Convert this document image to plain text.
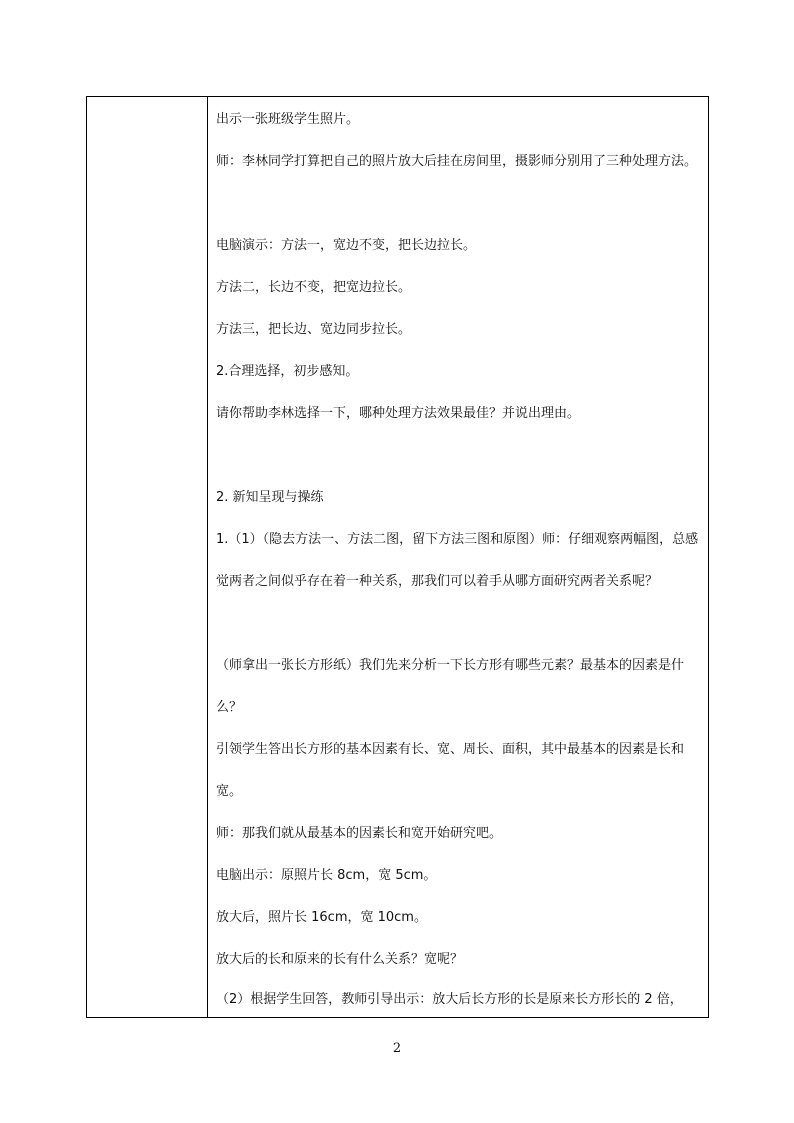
出示一张班级学生照片。

师：李林同学打算把自己的照片放大后挂在房间里，摄影师分别用了三种处理方法。

电脑演示：方法一，宽边不变，把长边拉长。

方法二，长边不变，把宽边拉长。

方法三，把长边、宽边同步拉长。

2.合理选择，初步感知。

请你帮助李林选择一下，哪种处理方法效果最佳？并说出理由。

2. 新知呈现与操练

1.（1）（隐去方法一、方法二图，留下方法三图和原图）师：仔细观察两幅图，总感觉两者之间似乎存在着一种关系，那我们可以着手从哪方面研究两者关系呢？

（师拿出一张长方形纸）我们先来分析一下长方形有哪些元素？最基本的因素是什么？

引领学生答出长方形的基本因素有长、宽、周长、面积，其中最基本的因素是长和宽。

师：那我们就从最基本的因素长和宽开始研究吧。

电脑出示：原照片长 8cm，宽 5cm。

放大后，照片长 16cm，宽 10cm。

放大后的长和原来的长有什么关系？宽呢？

（2）根据学生回答，教师引导出示：放大后长方形的长是原来长方形长的 2 倍，

2
